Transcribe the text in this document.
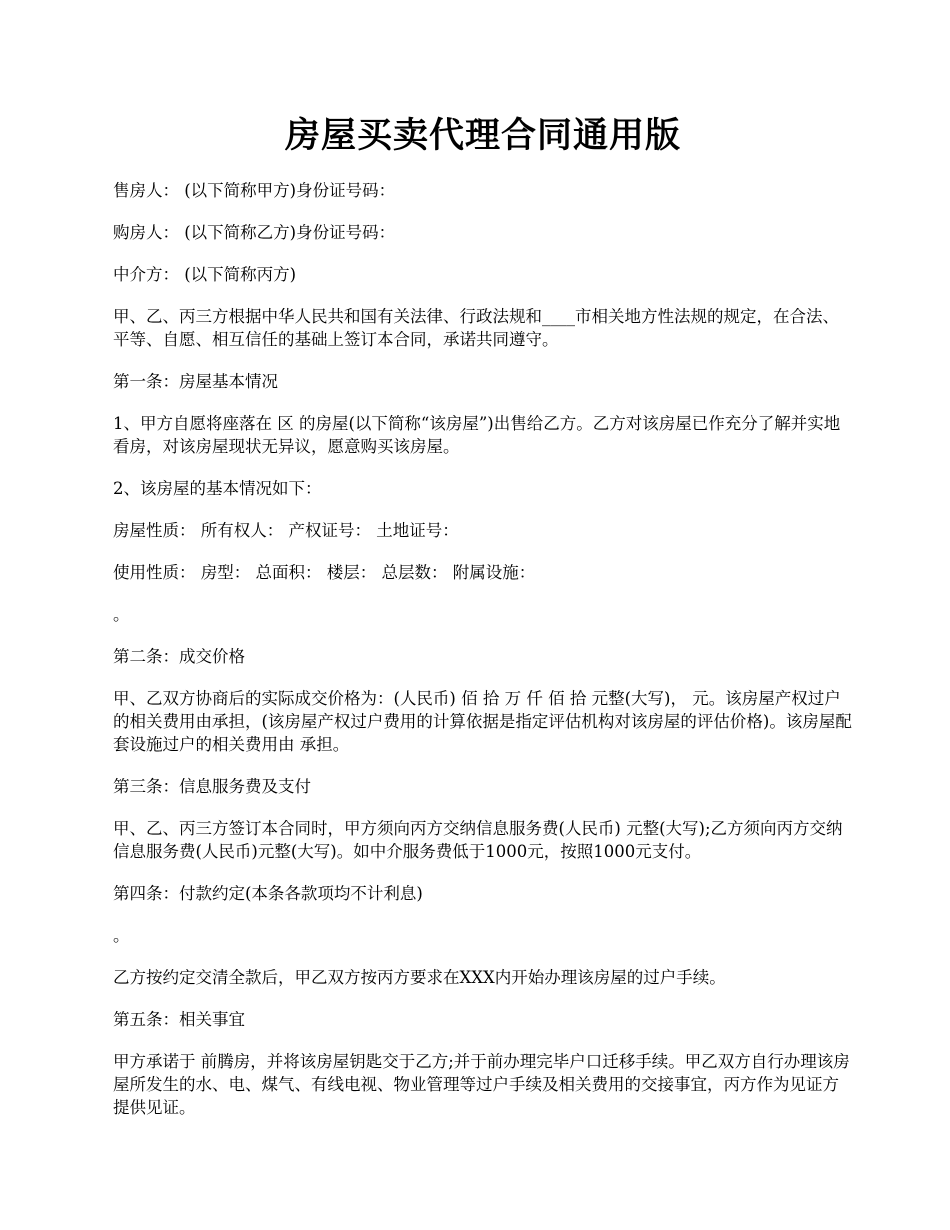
房屋买卖代理合同通用版

售房人： (以下简称甲方)身份证号码：

购房人： (以下简称乙方)身份证号码：

中介方： (以下简称丙方)

甲、乙、丙三方根据中华人民共和国有关法律、行政法规和____市相关地方性法规的规定，在合法、平等、自愿、相互信任的基础上签订本合同，承诺共同遵守。

第一条：房屋基本情况

1、甲方自愿将座落在 区 的房屋(以下简称“该房屋”)出售给乙方。乙方对该房屋已作充分了解并实地看房，对该房屋现状无异议，愿意购买该房屋。

2、该房屋的基本情况如下：

房屋性质： 所有权人： 产权证号： 土地证号：

使用性质： 房型： 总面积： 楼层： 总层数： 附属设施：

。

第二条：成交价格

甲、乙双方协商后的实际成交价格为：(人民币) 佰 拾 万 仟 佰 拾 元整(大写)， 元。该房屋产权过户的相关费用由承担，(该房屋产权过户费用的计算依据是指定评估机构对该房屋的评估价格)。该房屋配套设施过户的相关费用由 承担。

第三条：信息服务费及支付

甲、乙、丙三方签订本合同时，甲方须向丙方交纳信息服务费(人民币) 元整(大写);乙方须向丙方交纳信息服务费(人民币)元整(大写)。如中介服务费低于1000元，按照1000元支付。

第四条：付款约定(本条各款项均不计利息)

。

乙方按约定交清全款后，甲乙双方按丙方要求在XXX内开始办理该房屋的过户手续。

第五条：相关事宜

甲方承诺于 前腾房，并将该房屋钥匙交于乙方;并于前办理完毕户口迁移手续。甲乙双方自行办理该房屋所发生的水、电、煤气、有线电视、物业管理等过户手续及相关费用的交接事宜，丙方作为见证方提供见证。
